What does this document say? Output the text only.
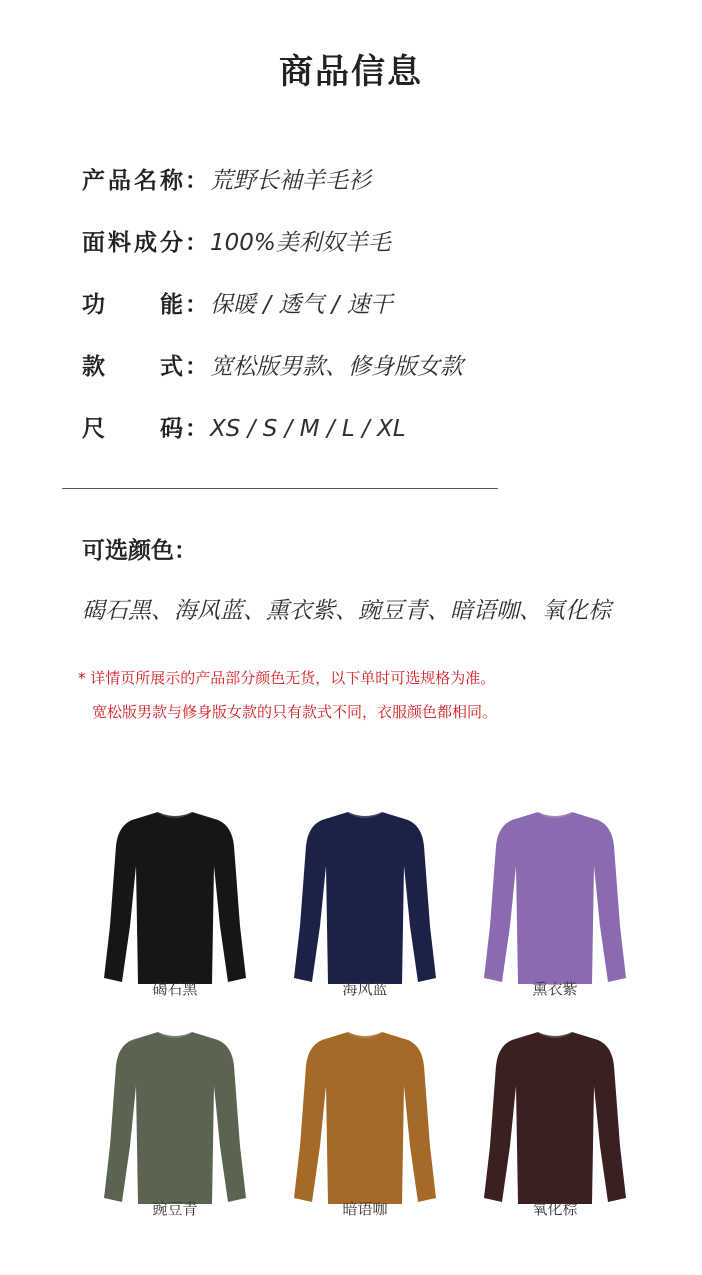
商品信息
产 品 名 称 ： 荒野长袖羊毛衫
面 料 成 分 ： 100%美利奴羊毛
功 能 ： 保暖 / 透气 / 速干
款 式 ： 宽松版男款、修身版女款
尺 码 ： XS / S / M / L / XL
可选颜色：
碣石黑、海风蓝、熏衣紫、豌豆青、暗语咖、氧化棕
* 详情页所展示的产品部分颜色无货，以下单时可选规格为准。
宽松版男款与修身版女款的只有款式不同，衣服颜色都相同。
碣石黑	海风蓝	熏衣紫
豌豆青	暗语咖	氧化棕
